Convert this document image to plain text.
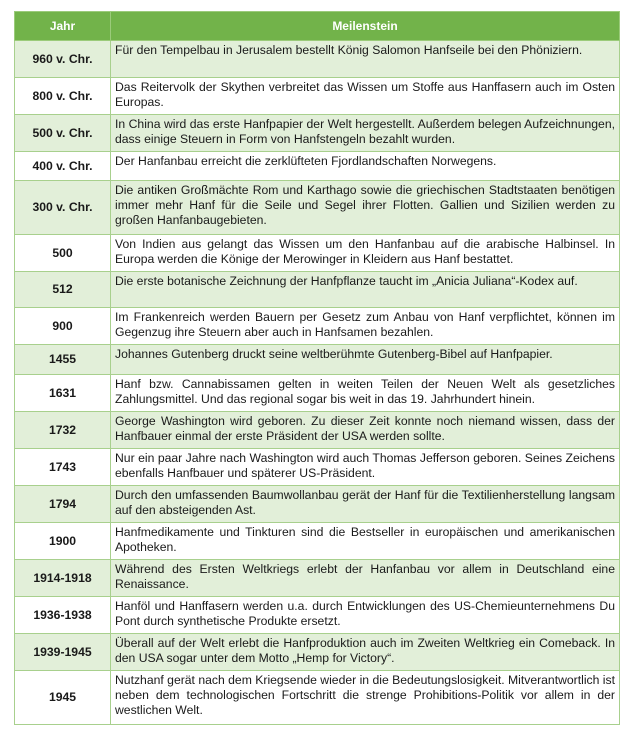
Jahr	Meilenstein
960 v. Chr.	Für den Tempelbau in Jerusalem bestellt König Salomon Hanfseile bei den Phöniziern.
800 v. Chr.	Das Reitervolk der Skythen verbreitet das Wissen um Stoffe aus Hanffasern auch im Osten Europas.
500 v. Chr.	In China wird das erste Hanfpapier der Welt hergestellt. Außerdem belegen Aufzeichnungen, dass einige Steuern in Form von Hanfstengeln bezahlt wurden.
400 v. Chr.	Der Hanfanbau erreicht die zerklüfteten Fjordlandschaften Norwegens.
300 v. Chr.	Die antiken Großmächte Rom und Karthago sowie die griechischen Stadtstaaten benötigen immer mehr Hanf für die Seile und Segel ihrer Flotten. Gallien und Sizilien werden zu großen Hanfanbaugebieten.
500	Von Indien aus gelangt das Wissen um den Hanfanbau auf die arabische Halbinsel. In Europa werden die Könige der Merowinger in Kleidern aus Hanf bestattet.
512	Die erste botanische Zeichnung der Hanfpflanze taucht im „Anicia Juliana“-Kodex auf.
900	Im Frankenreich werden Bauern per Gesetz zum Anbau von Hanf verpflichtet, können im Gegenzug ihre Steuern aber auch in Hanfsamen bezahlen.
1455	Johannes Gutenberg druckt seine weltberühmte Gutenberg-Bibel auf Hanfpapier.
1631	Hanf bzw. Cannabissamen gelten in weiten Teilen der Neuen Welt als gesetzliches Zahlungsmittel. Und das regional sogar bis weit in das 19. Jahrhundert hinein.
1732	George Washington wird geboren. Zu dieser Zeit konnte noch niemand wissen, dass der Hanfbauer einmal der erste Präsident der USA werden sollte.
1743	Nur ein paar Jahre nach Washington wird auch Thomas Jefferson geboren. Seines Zeichens ebenfalls Hanfbauer und späterer US-Präsident.
1794	Durch den umfassenden Baumwollanbau gerät der Hanf für die Textilienherstellung langsam auf den absteigenden Ast.
1900	Hanfmedikamente und Tinkturen sind die Bestseller in europäischen und amerikanischen Apotheken.
1914-1918	Während des Ersten Weltkriegs erlebt der Hanfanbau vor allem in Deutschland eine Renaissance.
1936-1938	Hanföl und Hanffasern werden u.a. durch Entwicklungen des US-Chemieunternehmens Du Pont durch synthetische Produkte ersetzt.
1939-1945	Überall auf der Welt erlebt die Hanfproduktion auch im Zweiten Weltkrieg ein Comeback. In den USA sogar unter dem Motto „Hemp for Victory“.
1945	Nutzhanf gerät nach dem Kriegsende wieder in die Bedeutungslosigkeit. Mitverantwortlich ist neben dem technologischen Fortschritt die strenge Prohibitions-Politik vor allem in der westlichen Welt.
